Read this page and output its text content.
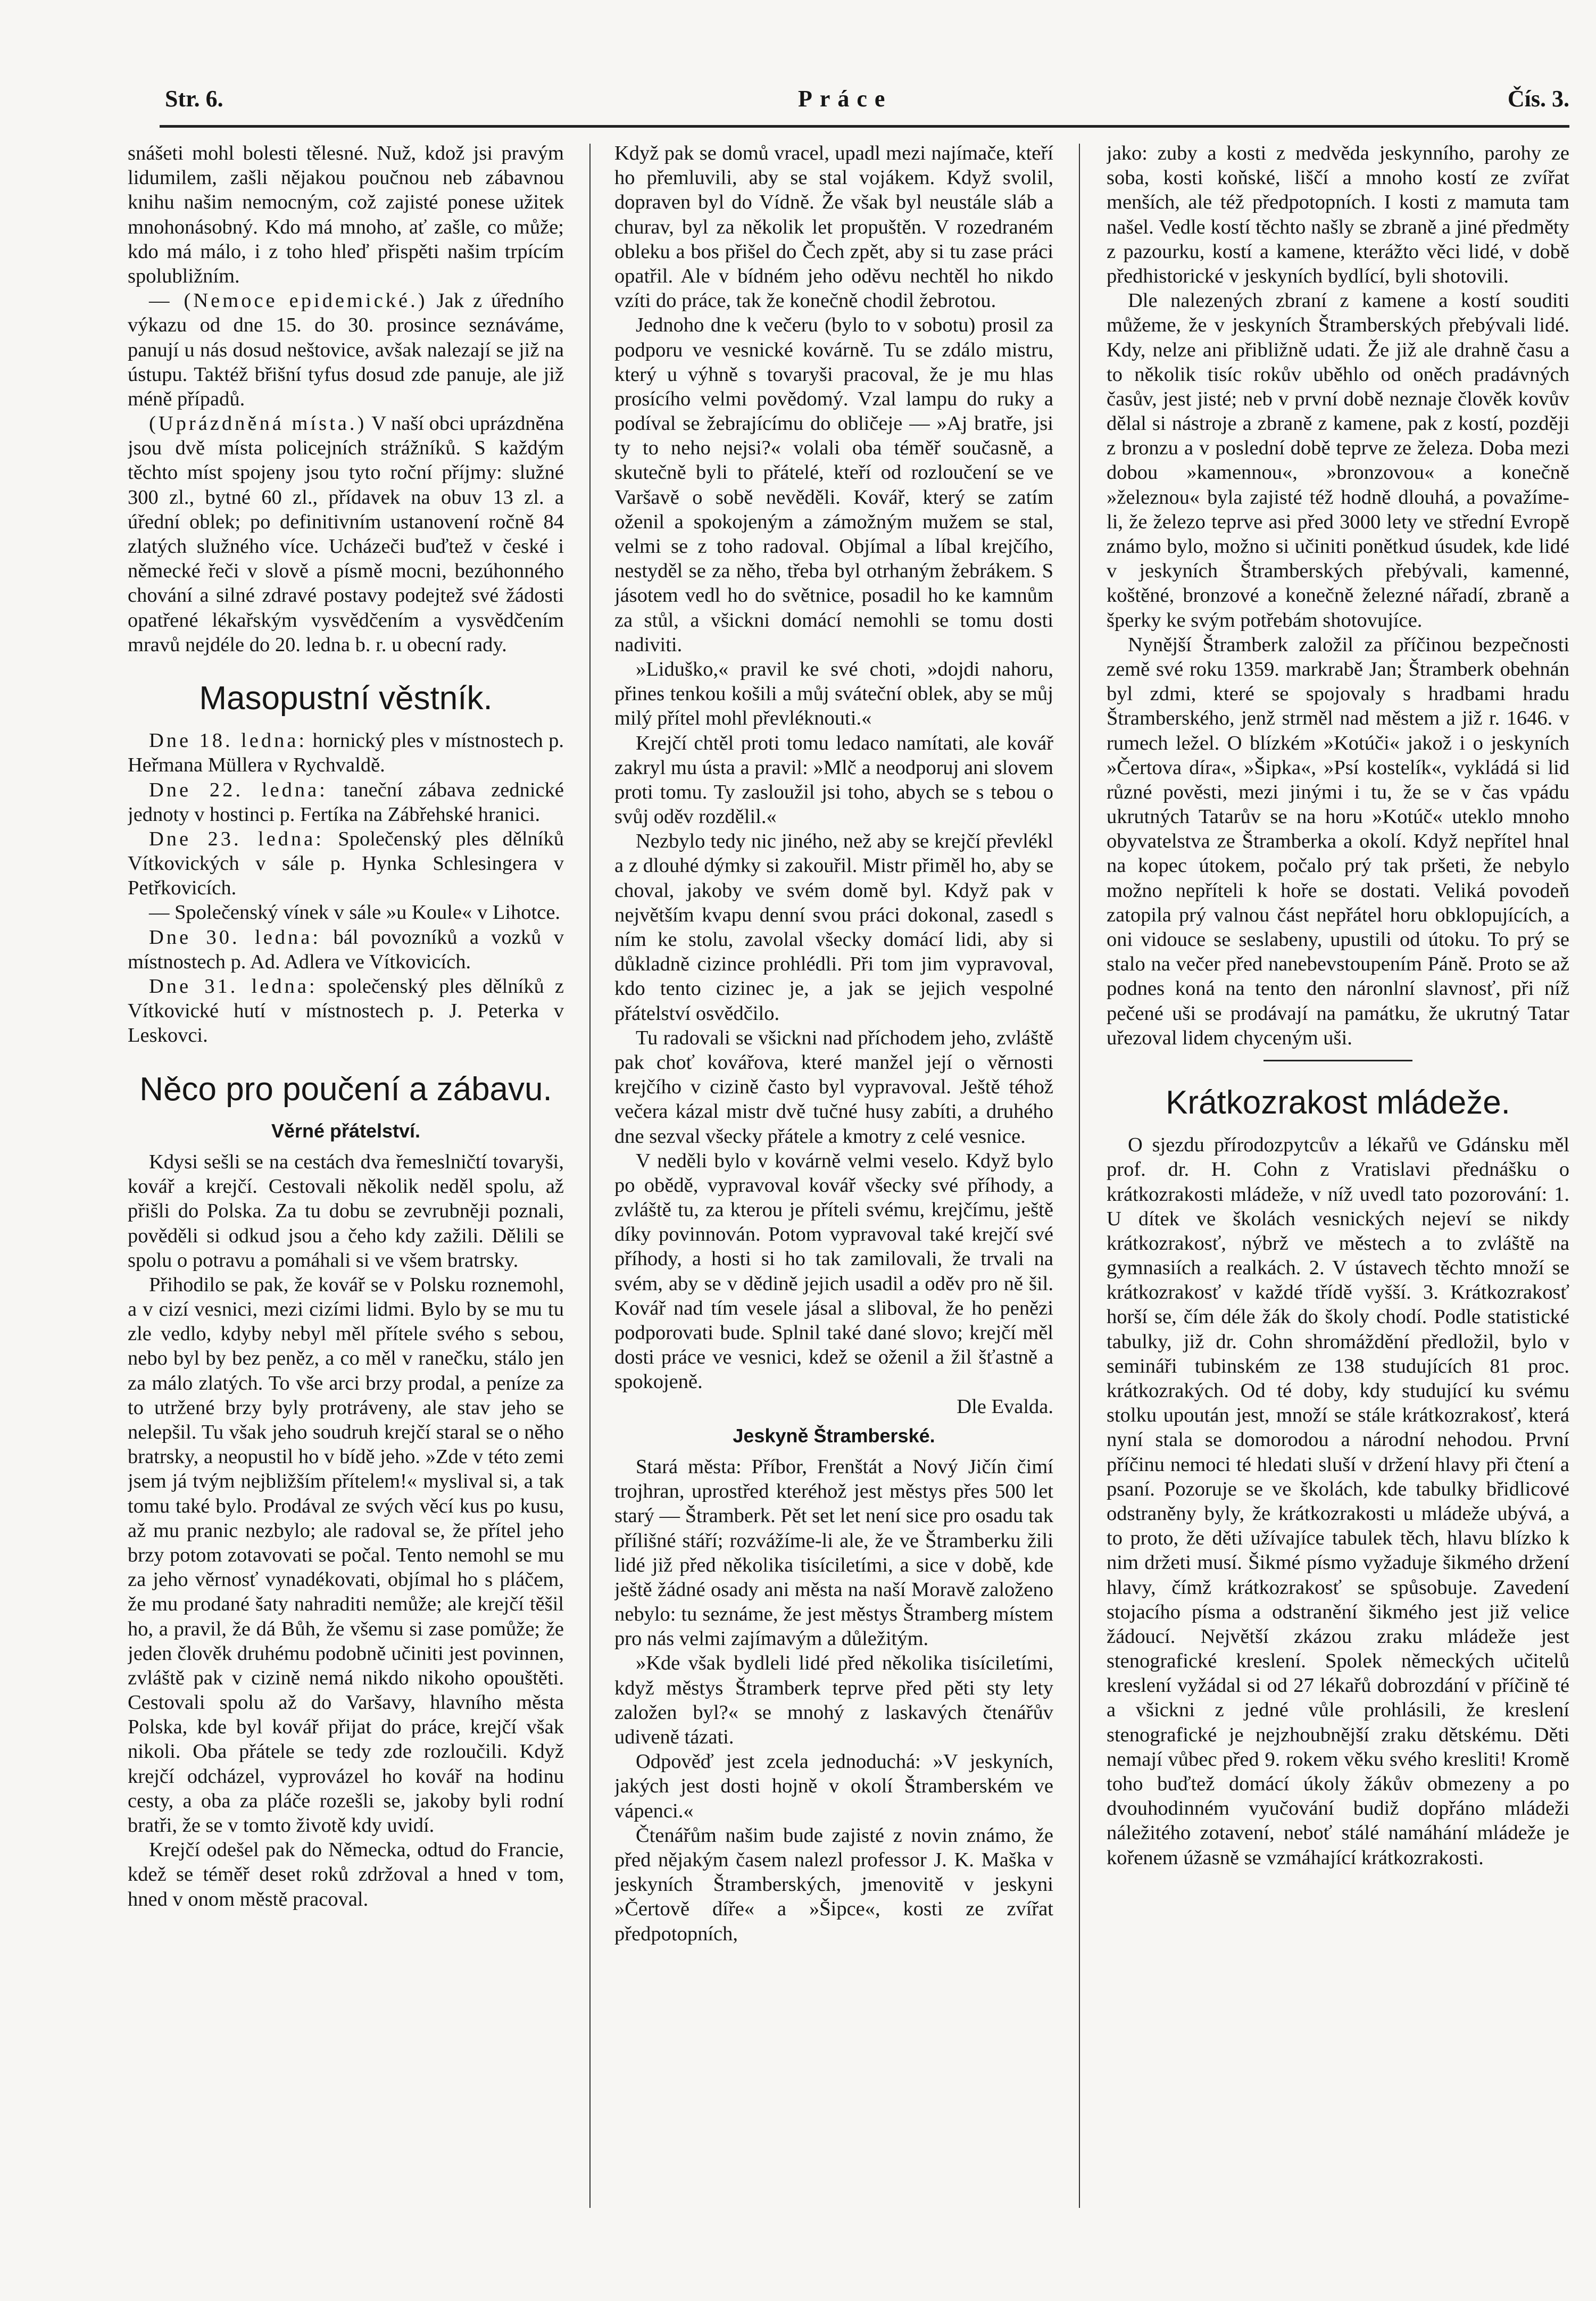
Str. 6.	Práce	Čís. 3.

snášeti mohl bolesti tělesné. Nuž, kdož jsi pravým lidumilem, zašli nějakou poučnou neb zábavnou knihu našim nemocným, což zajisté ponese užitek mnohonásobný. Kdo má mnoho, ať zašle, co může; kdo má málo, i z toho hleď přispěti našim trpícím spolubližním.

— (Nemoce epidemické.) Jak z úředního výkazu od dne 15. do 30. prosince seznáváme, panují u nás dosud neštovice, avšak nalezají se již na ústupu. Taktéž břišní tyfus dosud zde panuje, ale již méně případů.

(Uprázdněná místa.) V naší obci uprázdněna jsou dvě místa policejních strážníků. S každým těchto míst spojeny jsou tyto roční příjmy: služné 300 zl., bytné 60 zl., přídavek na obuv 13 zl. a úřední oblek; po definitivním ustanovení ročně 84 zlatých služného více. Ucházeči buďtež v české i německé řeči v slově a písmě mocni, bezúhonného chování a silné zdravé postavy podejtež své žádosti opatřené lékařským vysvědčením a vysvědčením mravů nejdéle do 20. ledna b. r. u obecní rady.

Masopustní věstník.

Dne 18. ledna: hornický ples v místnostech p. Heřmana Müllera v Rychvaldě.

Dne 22. ledna: taneční zábava zednické jednoty v hostinci p. Fertíka na Zábřehské hranici.

Dne 23. ledna: Společenský ples dělníků Vítkovických v sále p. Hynka Schlesingera v Petřkovicích.

— Společenský vínek v sále »u Koule« v Lihotce.

Dne 30. ledna: bál povozníků a vozků v místnostech p. Ad. Adlera ve Vítkovicích.

Dne 31. ledna: společenský ples dělníků z Vítkovické hutí v místnostech p. J. Peterka v Leskovci.

Něco pro poučení a zábavu.
Věrné přátelství.

Kdysi sešli se na cestách dva řemeslničtí tovaryši, kovář a krejčí. Cestovali několik neděl spolu, až přišli do Polska. Za tu dobu se zevrubněji poznali, pověděli si odkud jsou a čeho kdy zažili. Dělili se spolu o potravu a pomáhali si ve všem bratrsky.

Přihodilo se pak, že kovář se v Polsku roznemohl, a v cizí vesnici, mezi cizími lidmi. Bylo by se mu tu zle vedlo, kdyby nebyl měl přítele svého s sebou, nebo byl by bez peněz, a co měl v ranečku, stálo jen za málo zlatých. To vše arci brzy prodal, a peníze za to utržené brzy byly protráveny, ale stav jeho se nelepšil. Tu však jeho soudruh krejčí staral se o něho bratrsky, a neopustil ho v bídě jeho. »Zde v této zemi jsem já tvým nejbližším přítelem!« myslival si, a tak tomu také bylo. Prodával ze svých věcí kus po kusu, až mu pranic nezbylo; ale radoval se, že přítel jeho brzy potom zotavovati se počal. Tento nemohl se mu za jeho věrnosť vynadékovati, objímal ho s pláčem, že mu prodané šaty nahraditi nemůže; ale krejčí těšil ho, a pravil, že dá Bůh, že všemu si zase pomůže; že jeden člověk druhému podobně učiniti jest povinnen, zvláště pak v cizině nemá nikdo nikoho opouštěti. Cestovali spolu až do Varšavy, hlavního města Polska, kde byl kovář přijat do práce, krejčí však nikoli. Oba přátele se tedy zde rozloučili. Když krejčí odcházel, vyprovázel ho kovář na hodinu cesty, a oba za pláče rozešli se, jakoby byli rodní bratři, že se v tomto životě kdy uvidí.

Krejčí odešel pak do Německa, odtud do Francie, kdež se téměř deset roků zdržoval a hned v tom, hned v onom městě pracoval.

Když pak se domů vracel, upadl mezi najímače, kteří ho přemluvili, aby se stal vojákem. Když svolil, dopraven byl do Vídně. Že však byl neustále sláb a churav, byl za několik let propuštěn. V rozedraném obleku a bos přišel do Čech zpět, aby si tu zase práci opatřil. Ale v bídném jeho oděvu nechtěl ho nikdo vzíti do práce, tak že konečně chodil žebrotou.

Jednoho dne k večeru (bylo to v sobotu) prosil za podporu ve vesnické kovárně. Tu se zdálo mistru, který u výhně s tovaryši pracoval, že je mu hlas prosícího velmi povědomý. Vzal lampu do ruky a podíval se žebrajícímu do obličeje — »Aj bratře, jsi ty to neho nejsi?« volali oba téměř současně, a skutečně byli to přátelé, kteří od rozloučení se ve Varšavě o sobě nevěděli. Kovář, který se zatím oženil a spokojeným a zámožným mužem se stal, velmi se z toho radoval. Objímal a líbal krejčího, nestyděl se za něho, třeba byl otrhaným žebrákem. S jásotem vedl ho do světnice, posadil ho ke kamnům za stůl, a všickni domácí nemohli se tomu dosti nadiviti.

»Liduško,« pravil ke své choti, »dojdi nahoru, přines tenkou košili a můj sváteční oblek, aby se můj milý přítel mohl převléknouti.«

Krejčí chtěl proti tomu ledaco namítati, ale kovář zakryl mu ústa a pravil: »Mlč a neodporuj ani slovem proti tomu. Ty zasloužil jsi toho, abych se s tebou o svůj oděv rozdělil.«

Nezbylo tedy nic jiného, než aby se krejčí převlékl a z dlouhé dýmky si zakouřil. Mistr přiměl ho, aby se choval, jakoby ve svém domě byl. Když pak v největším kvapu denní svou práci dokonal, zasedl s ním ke stolu, zavolal všecky domácí lidi, aby si důkladně cizince prohlédli. Při tom jim vypravoval, kdo tento cizinec je, a jak se jejich vespolné přátelství osvědčilo.

Tu radovali se všickni nad příchodem jeho, zvláště pak choť kovářova, které manžel její o věrnosti krejčího v cizině často byl vypravoval. Ještě téhož večera kázal mistr dvě tučné husy zabíti, a druhého dne sezval všecky přátele a kmotry z celé vesnice.

V neděli bylo v kovárně velmi veselo. Když bylo po obědě, vypravoval kovář všecky své příhody, a zvláště tu, za kterou je příteli svému, krejčímu, ještě díky povinnován. Potom vypravoval také krejčí své příhody, a hosti si ho tak zamilovali, že trvali na svém, aby se v dědině jejich usadil a oděv pro ně šil. Kovář nad tím vesele jásal a sliboval, že ho penězi podporovati bude. Splnil také dané slovo; krejčí měl dosti práce ve vesnici, kdež se oženil a žil šťastně a spokojeně.

Dle Evalda.

Jeskyně Štramberské.

Stará města: Příbor, Frenštát a Nový Jičín čimí trojhran, uprostřed kteréhož jest městys přes 500 let starý — Štramberk. Pět set let není sice pro osadu tak přílišné stáří; rozvážíme-li ale, že ve Štramberku žili lidé již před několika tisíciletími, a sice v době, kde ještě žádné osady ani města na naší Moravě založeno nebylo: tu seznáme, že jest městys Štramberg místem pro nás velmi zajímavým a důležitým.

»Kde však bydleli lidé před několika tisíciletími, když městys Štramberk teprve před pěti sty lety založen byl?« se mnohý z laskavých čtenářův udiveně tázati.

Odpověď jest zcela jednoduchá: »V jeskyních, jakých jest dosti hojně v okolí Štramberském ve vápenci.«

Čtenářům našim bude zajisté z novin známo, že před nějakým časem nalezl professor J. K. Maška v jeskyních Štramberských, jmenovitě v jeskyni »Čertově díře« a »Šipce«, kosti ze zvířat předpotopních,

jako: zuby a kosti z medvěda jeskynního, parohy ze soba, kosti koňské, liščí a mnoho kostí ze zvířat menších, ale též předpotopních. I kosti z mamuta tam našel. Vedle kostí těchto našly se zbraně a jiné předměty z pazourku, kostí a kamene, kterážto věci lidé, v době předhistorické v jeskyních bydlící, byli shotovili.

Dle nalezených zbraní z kamene a kostí souditi můžeme, že v jeskyních Štramberských přebývali lidé. Kdy, nelze ani přibližně udati. Že již ale drahně času a to několik tisíc rokův uběhlo od oněch pradávných časův, jest jisté; neb v první době neznaje člověk kovův dělal si nástroje a zbraně z kamene, pak z kostí, později z bronzu a v poslední době teprve ze železa. Doba mezi dobou »kamennou«, »bronzovou« a konečně »železnou« byla zajisté též hodně dlouhá, a považíme-li, že železo teprve asi před 3000 lety ve střední Evropě známo bylo, možno si učiniti ponětkud úsudek, kde lidé v jeskyních Štramberských přebývali, kamenné, koštěné, bronzové a konečně železné nářadí, zbraně a šperky ke svým potřebám shotovujíce.

Nynější Štramberk založil za příčinou bezpečnosti země své roku 1359. markrabě Jan; Štramberk obehnán byl zdmi, které se spojovaly s hradbami hradu Štramberského, jenž strměl nad městem a již r. 1646. v rumech ležel. O blízkém »Kotúči« jakož i o jeskyních »Čertova díra«, »Šipka«, »Psí kostelík«, vykládá si lid různé pověsti, mezi jinými i tu, že se v čas vpádu ukrutných Tatarův se na horu »Kotúč« uteklo mnoho obyvatelstva ze Štramberka a okolí. Když nepřítel hnal na kopec útokem, počalo prý tak pršeti, že nebylo možno nepříteli k hoře se dostati. Veliká povodeň zatopila prý valnou část nepřátel horu obklopujících, a oni vidouce se seslabeny, upustili od útoku. To prý se stalo na večer před nanebevstoupením Páně. Proto se až podnes koná na tento den náronlní slavnosť, při níž pečené uši se prodávají na památku, že ukrutný Tatar uřezoval lidem chyceným uši.

Krátkozrakost mládeže.

O sjezdu přírodozpytcův a lékařů ve Gdánsku měl prof. dr. H. Cohn z Vratislavi přednášku o krátkozrakosti mládeže, v níž uvedl tato pozorování: 1. U dítek ve školách vesnických nejeví se nikdy krátkozrakosť, nýbrž ve městech a to zvláště na gymnasiích a realkách. 2. V ústavech těchto množí se krátkozrakosť v každé třídě vyšší. 3. Krátkozrakosť horší se, čím déle žák do školy chodí. Podle statistické tabulky, již dr. Cohn shromáždění předložil, bylo v semináři tubinském ze 138 studujících 81 proc. krátkozrakých. Od té doby, kdy studující ku svému stolku upoután jest, množí se stále krátkozrakosť, která nyní stala se domorodou a národní nehodou. První příčinu nemoci té hledati sluší v držení hlavy při čtení a psaní. Pozoruje se ve školách, kde tabulky břidlicové odstraněny byly, že krátkozrakosti u mládeže ubývá, a to proto, že děti užívajíce tabulek těch, hlavu blízko k nim držeti musí. Šikmé písmo vyžaduje šikmého držení hlavy, čímž krátkozrakosť se spůsobuje. Zavedení stojacího písma a odstranění šikmého jest již velice žádoucí. Největší zkázou zraku mládeže jest stenografické kreslení. Spolek německých učitelů kreslení vyžádal si od 27 lékařů dobrozdání v příčině té a všickni z jedné vůle prohlásili, že kreslení stenografické je nejzhoubnější zraku dětskému. Děti nemají vůbec před 9. rokem věku svého kresliti! Kromě toho buďtež domácí úkoly žákův obmezeny a po dvouhodinném vyučování budiž dopřáno mládeži náležitého zotavení, neboť stálé namáhání mládeže je kořenem úžasně se vzmáhající krátkozrakosti.
